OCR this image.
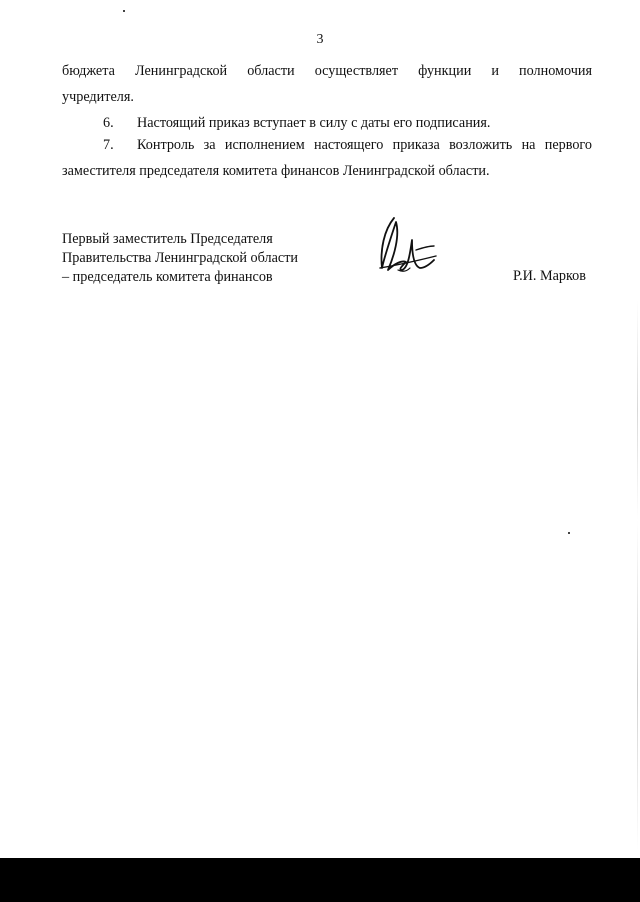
3
бюджета Ленинградской области осуществляет функции и полномочия
учредителя.
6. Настоящий приказ вступает в силу с даты его подписания.
7. Контроль за исполнением настоящего приказа возложить на первого
заместителя председателя комитета финансов Ленинградской области.
Первый заместитель Председателя
Правительства Ленинградской области
– председатель комитета финансов	Р.И. Марков
